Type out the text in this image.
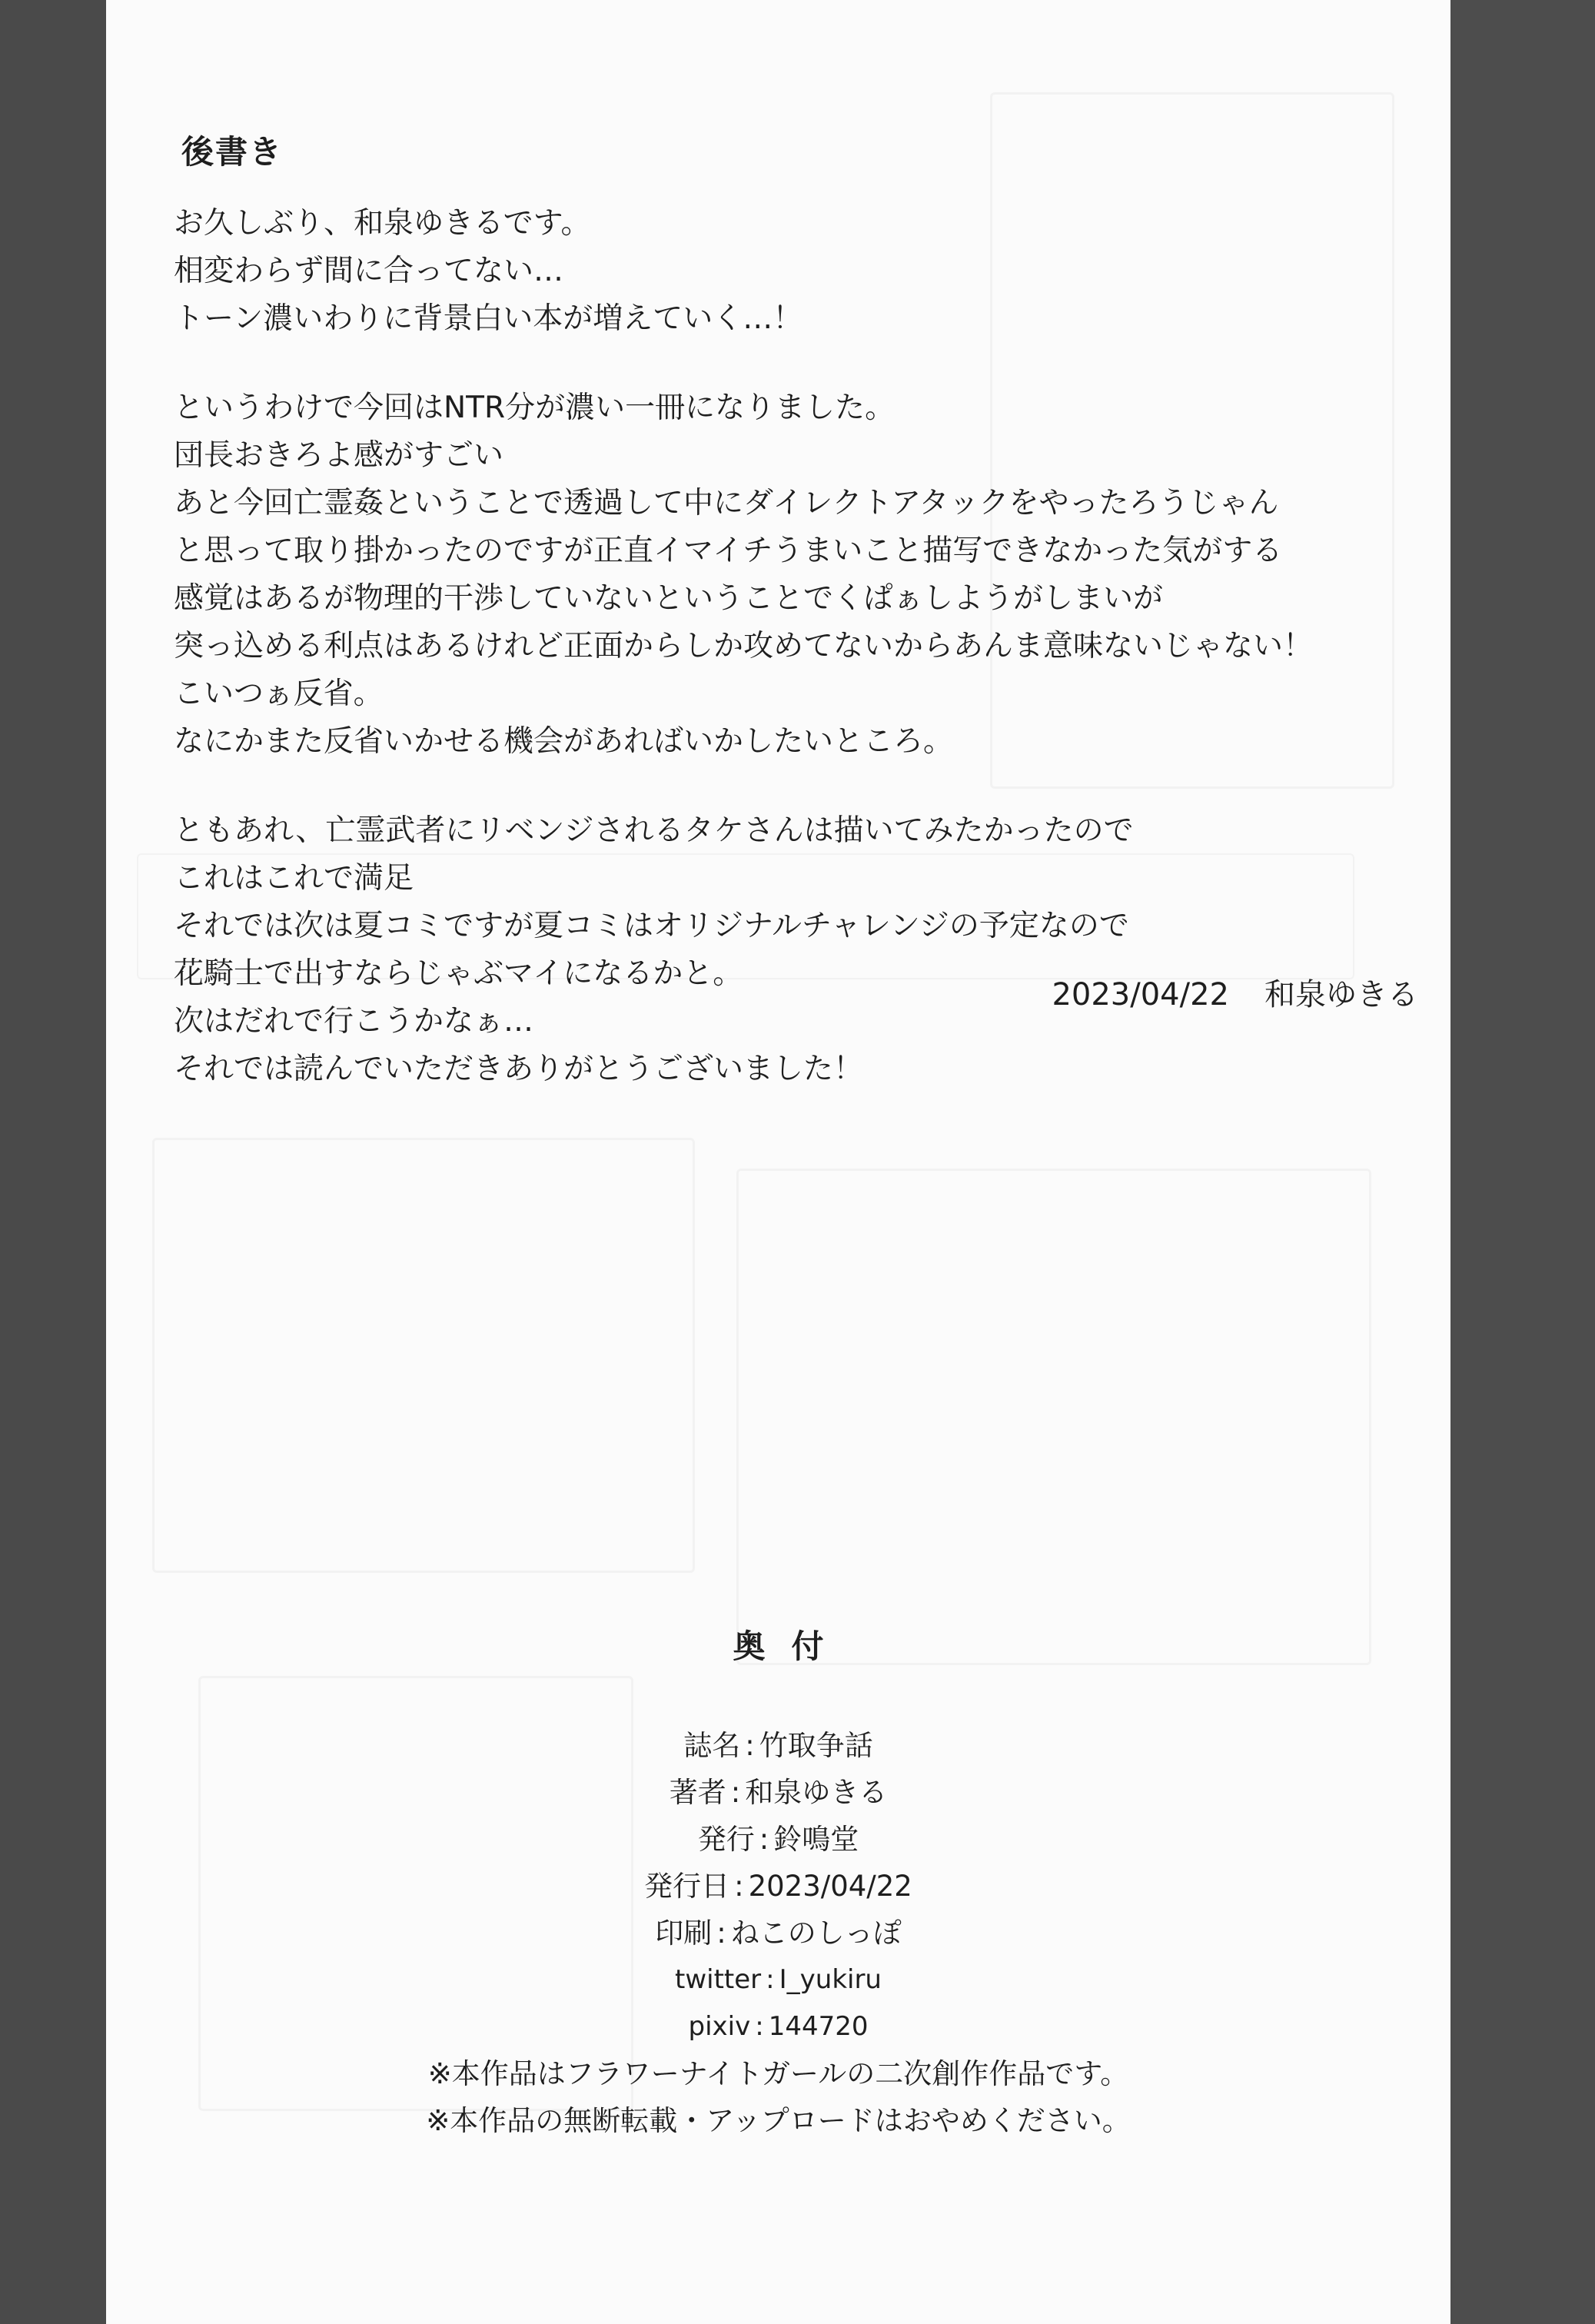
後書き
お久しぶり、和泉ゆきるです。
相変わらず間に合ってない…
トーン濃いわりに背景白い本が増えていく…！
というわけで今回はNTR分が濃い一冊になりました。
団長おきろよ感がすごい
あと今回亡霊姦ということで透過して中にダイレクトアタックをやったろうじゃん
と思って取り掛かったのですが正直イマイチうまいこと描写できなかった気がする
感覚はあるが物理的干渉していないということでくぱぁしようがしまいが
突っ込める利点はあるけれど正面からしか攻めてないからあんま意味ないじゃない！
こいつぁ反省。
なにかまた反省いかせる機会があればいかしたいところ。
ともあれ、亡霊武者にリベンジされるタケさんは描いてみたかったので
これはこれで満足
それでは次は夏コミですが夏コミはオリジナルチャレンジの予定なので
花騎士で出すならじゃぶマイになるかと。
次はだれで行こうかなぁ…
それでは読んでいただきありがとうございました！
2023/04/22 和泉ゆきる
奥付
誌名 : 竹取争話
著者 : 和泉ゆきる
発行 : 鈴鳴堂
発行日 : 2023/04/22
印刷 : ねこのしっぽ
twitter : I_yukiru
pixiv : 144720
※本作品はフラワーナイトガールの二次創作作品です。
※本作品の無断転載・アップロードはおやめください。
